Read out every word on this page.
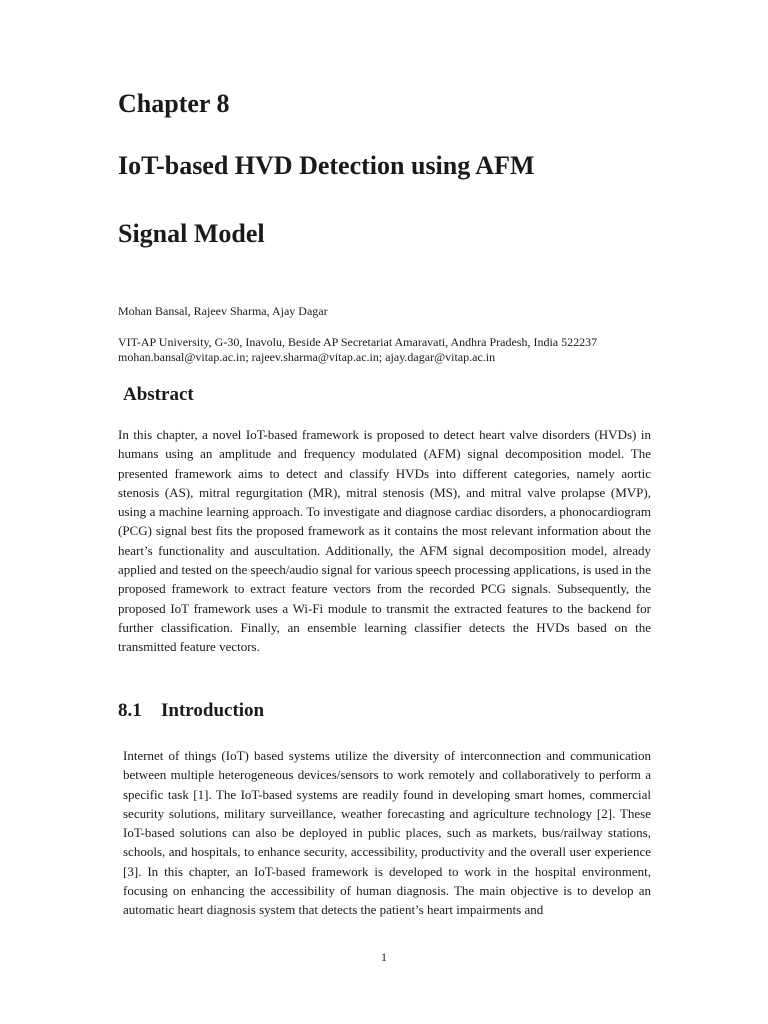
Chapter 8
IoT-based HVD Detection using AFM
Signal Model

Mohan Bansal, Rajeev Sharma, Ajay Dagar

VIT-AP University, G-30, Inavolu, Beside AP Secretariat Amaravati, Andhra Pradesh, India 522237
mohan.bansal@vitap.ac.in; rajeev.sharma@vitap.ac.in; ajay.dagar@vitap.ac.in

Abstract

In this chapter, a novel IoT-based framework is proposed to detect heart valve disorders (HVDs) in humans using an amplitude and frequency modulated (AFM) signal decomposition model. The presented framework aims to detect and classify HVDs into different categories, namely aortic stenosis (AS), mitral regurgitation (MR), mitral stenosis (MS), and mitral valve prolapse (MVP), using a machine learning approach. To investigate and diagnose cardiac disorders, a phonocardiogram (PCG) signal best fits the proposed framework as it contains the most relevant information about the heart’s functionality and auscultation. Additionally, the AFM signal decomposition model, already applied and tested on the speech/audio signal for various speech processing applications, is used in the proposed framework to extract feature vectors from the recorded PCG signals. Subsequently, the proposed IoT framework uses a Wi-Fi module to transmit the extracted features to the backend for further classification. Finally, an ensemble learning classifier detects the HVDs based on the transmitted feature vectors.

8.1 Introduction

Internet of things (IoT) based systems utilize the diversity of interconnection and communication between multiple heterogeneous devices/sensors to work remotely and collaboratively to perform a specific task [1]. The IoT-based systems are readily found in developing smart homes, commercial security solutions, military surveillance, weather forecasting and agriculture technology [2]. These IoT-based solutions can also be deployed in public places, such as markets, bus/railway stations, schools, and hospitals, to enhance security, accessibility, productivity and the overall user experience [3]. In this chapter, an IoT-based framework is developed to work in the hospital environment, focusing on enhancing the accessibility of human diagnosis. The main objective is to develop an automatic heart diagnosis system that detects the patient’s heart impairments and

1
